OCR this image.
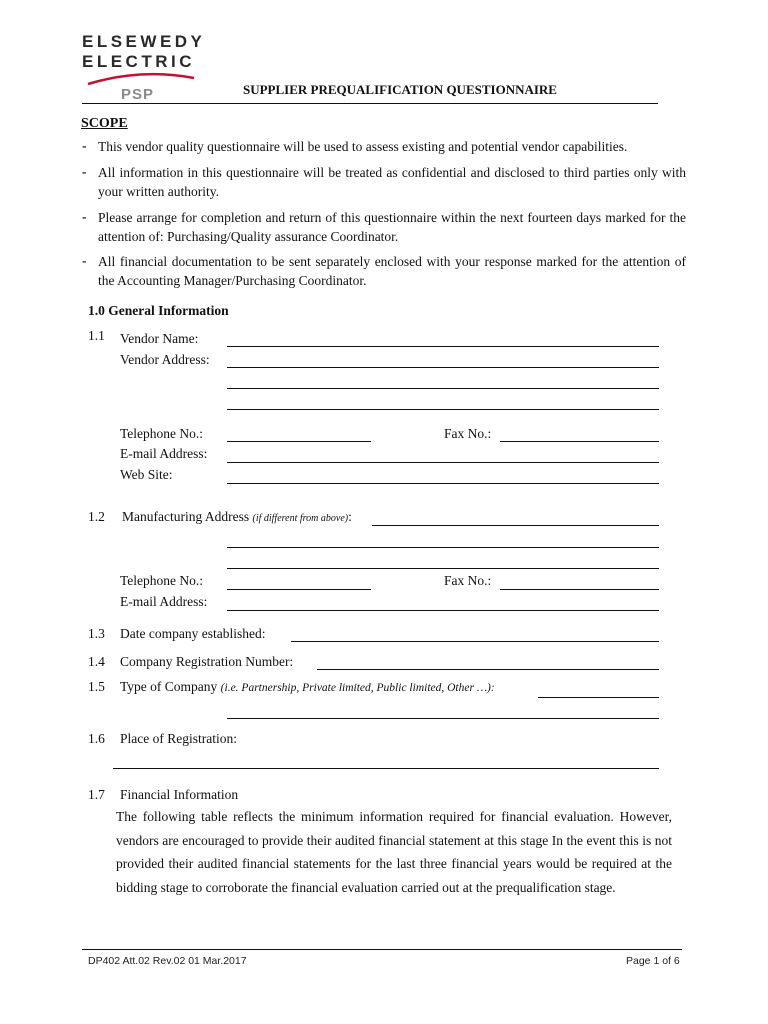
ELSEWEDY
ELECTRIC
PSP	SUPPLIER PREQUALIFICATION QUESTIONNAIRE
SCOPE
- This vendor quality questionnaire will be used to assess existing and potential vendor capabilities.
- All information in this questionnaire will be treated as confidential and disclosed to third parties only with your written authority.
- Please arrange for completion and return of this questionnaire within the next fourteen days marked for the attention of: Purchasing/Quality assurance Coordinator.
- All financial documentation to be sent separately enclosed with your response marked for the attention of the Accounting Manager/Purchasing Coordinator.
1.0 General Information
1.1 Vendor Name:
Vendor Address:
Telephone No.:	Fax No.:
E-mail Address:
Web Site:
1.2 Manufacturing Address (if different from above):
Telephone No.:	Fax No.:
E-mail Address:
1.3 Date company established:
1.4 Company Registration Number:
1.5 Type of Company (i.e. Partnership, Private limited, Public limited, Other …):
1.6 Place of Registration:
1.7 Financial Information
The following table reflects the minimum information required for financial evaluation. However, vendors are encouraged to provide their audited financial statement at this stage In the event this is not provided their audited financial statements for the last three financial years would be required at the bidding stage to corroborate the financial evaluation carried out at the prequalification stage.
DP402 Att.02 Rev.02 01 Mar.2017	Page 1 of 6
